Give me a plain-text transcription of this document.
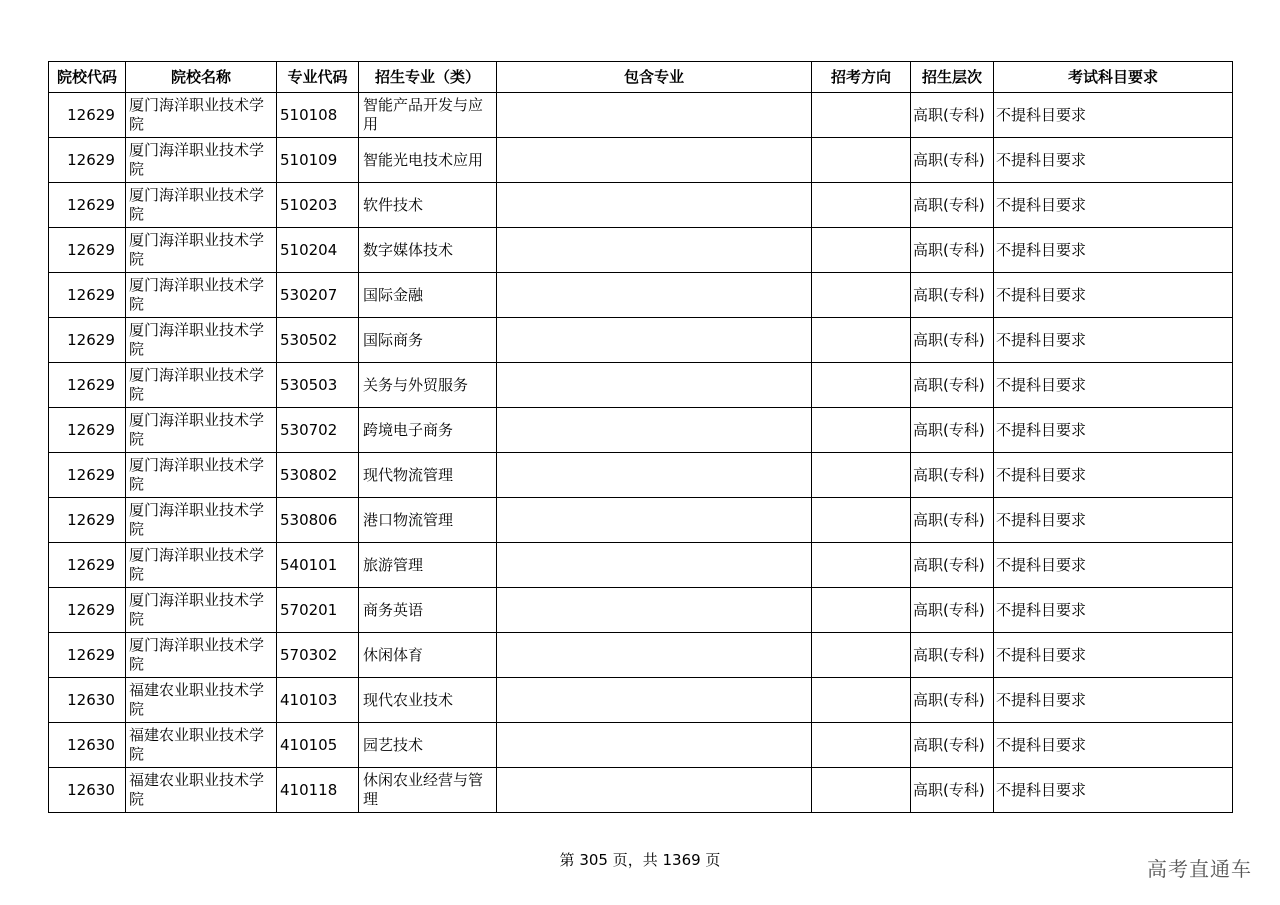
院校代码	院校名称	专业代码	招生专业（类）	包含专业	招考方向	招生层次	考试科目要求
12629	厦门海洋职业技术学院	510108	智能产品开发与应用			高职(专科)	不提科目要求
12629	厦门海洋职业技术学院	510109	智能光电技术应用			高职(专科)	不提科目要求
12629	厦门海洋职业技术学院	510203	软件技术			高职(专科)	不提科目要求
12629	厦门海洋职业技术学院	510204	数字媒体技术			高职(专科)	不提科目要求
12629	厦门海洋职业技术学院	530207	国际金融			高职(专科)	不提科目要求
12629	厦门海洋职业技术学院	530502	国际商务			高职(专科)	不提科目要求
12629	厦门海洋职业技术学院	530503	关务与外贸服务			高职(专科)	不提科目要求
12629	厦门海洋职业技术学院	530702	跨境电子商务			高职(专科)	不提科目要求
12629	厦门海洋职业技术学院	530802	现代物流管理			高职(专科)	不提科目要求
12629	厦门海洋职业技术学院	530806	港口物流管理			高职(专科)	不提科目要求
12629	厦门海洋职业技术学院	540101	旅游管理			高职(专科)	不提科目要求
12629	厦门海洋职业技术学院	570201	商务英语			高职(专科)	不提科目要求
12629	厦门海洋职业技术学院	570302	休闲体育			高职(专科)	不提科目要求
12630	福建农业职业技术学院	410103	现代农业技术			高职(专科)	不提科目要求
12630	福建农业职业技术学院	410105	园艺技术			高职(专科)	不提科目要求
12630	福建农业职业技术学院	410118	休闲农业经营与管理			高职(专科)	不提科目要求
第 305 页，共 1369 页	高考直通车
